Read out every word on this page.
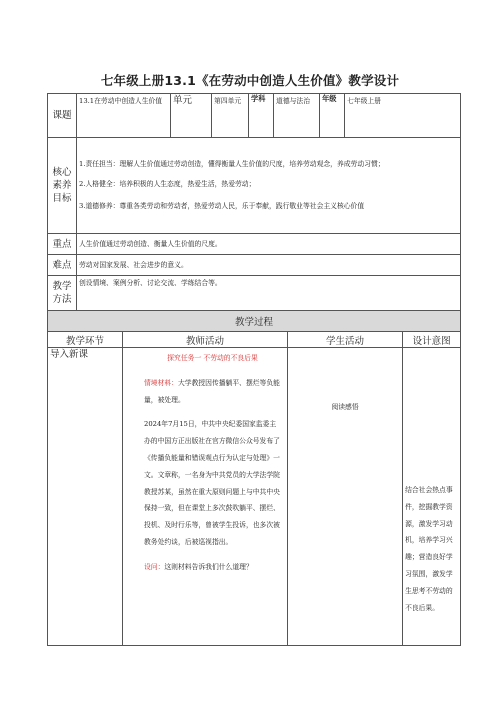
七年级上册13.1《在劳动中创造人生价值》教学设计
课题	13.1在劳动中创造人生价值		单元	第四单元	学科	道德与法治		年级	七年级上册	
核心素养目标	1.责任担当：理解人生价值通过劳动创造，懂得衡量人生价值的尺度，培养劳动观念，养成劳动习惯；

2.人格健全：培养积极的人生态度，热爱生活，热爱劳动；

3.道德修养：尊重各类劳动和劳动者，热爱劳动人民，乐于奉献，践行敬业等社会主义核心价值									

重点	人生价值通过劳动创造、衡量人生价值的尺度。									
难点	劳动对国家发展、社会进步的意义。									
教学方法	创设情境、案例分析、讨论交流、学练结合等。									
教学过程										
教学环节		教师活动					学生活动			设计意图
导入新课		探究任务一 不劳动的不良后果

情境材料：大学教授因传播躺平、摆烂等负能量，被处理。

2024年7月15日，中共中央纪委国家监委主办的中国方正出版社在官方微信公众号发布了《传播负能量和错误观点行为认定与处理》一文。文章称，一名身为中共党员的大学法学院教授苏某，虽然在重大原则问题上与中共中央保持一致，但在课堂上多次鼓吹躺平、摆烂、投机、及时行乐等，曾被学生投诉，也多次被教务处约谈，后被巡视指出。

设问：这则材料告诉我们什么道理？					阅读感悟			结合社会热点事件，挖掘教学资源，激发学习动机，培养学习兴趣；营造良好学习氛围，激发学生思考不劳动的不良后果。
